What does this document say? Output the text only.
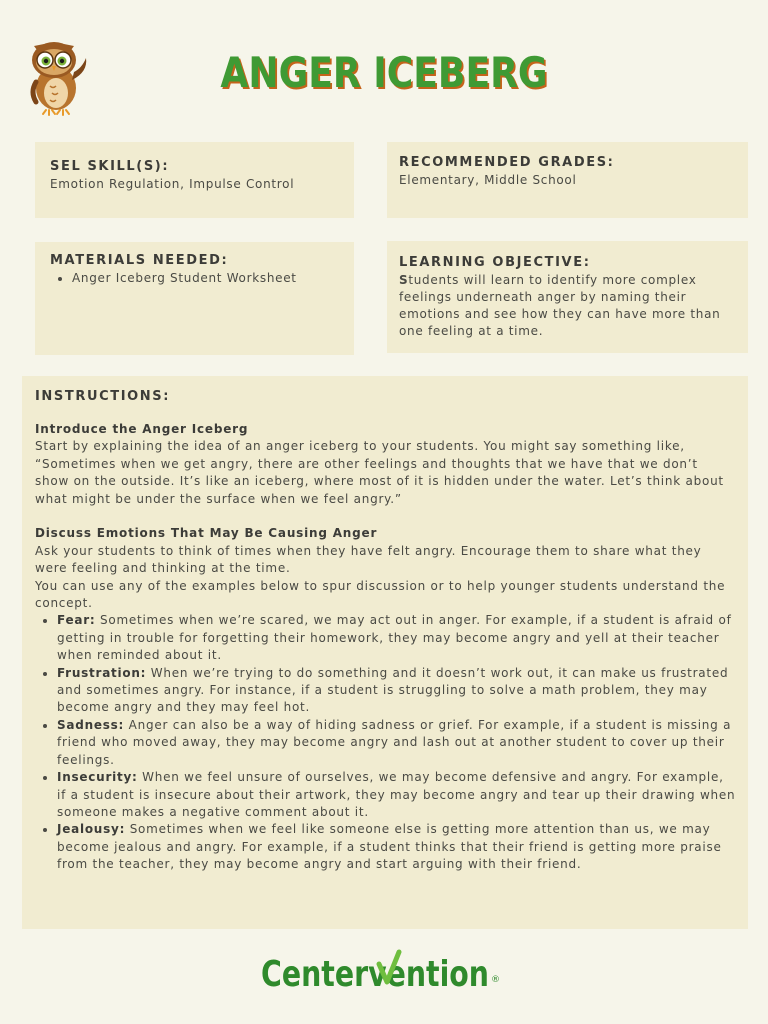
ANGER ICEBERG
SEL SKILL(S):
Emotion Regulation, Impulse Control
RECOMMENDED GRADES:
Elementary, Middle School
MATERIALS NEEDED:
• Anger Iceberg Student Worksheet
LEARNING OBJECTIVE:
Students will learn to identify more complex feelings underneath anger by naming their emotions and see how they can have more than one feeling at a time.
INSTRUCTIONS:
Introduce the Anger Iceberg
Start by explaining the idea of an anger iceberg to your students. You might say something like, “Sometimes when we get angry, there are other feelings and thoughts that we have that we don’t show on the outside. It’s like an iceberg, where most of it is hidden under the water. Let’s think about what might be under the surface when we feel angry.”
Discuss Emotions That May Be Causing Anger
Ask your students to think of times when they have felt angry. Encourage them to share what they were feeling and thinking at the time.
You can use any of the examples below to spur discussion or to help younger students understand the concept.
• Fear: Sometimes when we’re scared, we may act out in anger. For example, if a student is afraid of getting in trouble for forgetting their homework, they may become angry and yell at their teacher when reminded about it.
• Frustration: When we’re trying to do something and it doesn’t work out, it can make us frustrated and sometimes angry. For instance, if a student is struggling to solve a math problem, they may become angry and they may feel hot.
• Sadness: Anger can also be a way of hiding sadness or grief. For example, if a student is missing a friend who moved away, they may become angry and lash out at another student to cover up their feelings.
• Insecurity: When we feel unsure of ourselves, we may become defensive and angry. For example, if a student is insecure about their artwork, they may become angry and tear up their drawing when someone makes a negative comment about it.
• Jealousy: Sometimes when we feel like someone else is getting more attention than us, we may become jealous and angry. For example, if a student thinks that their friend is getting more praise from the teacher, they may become angry and start arguing with their friend.
Centervention ®
